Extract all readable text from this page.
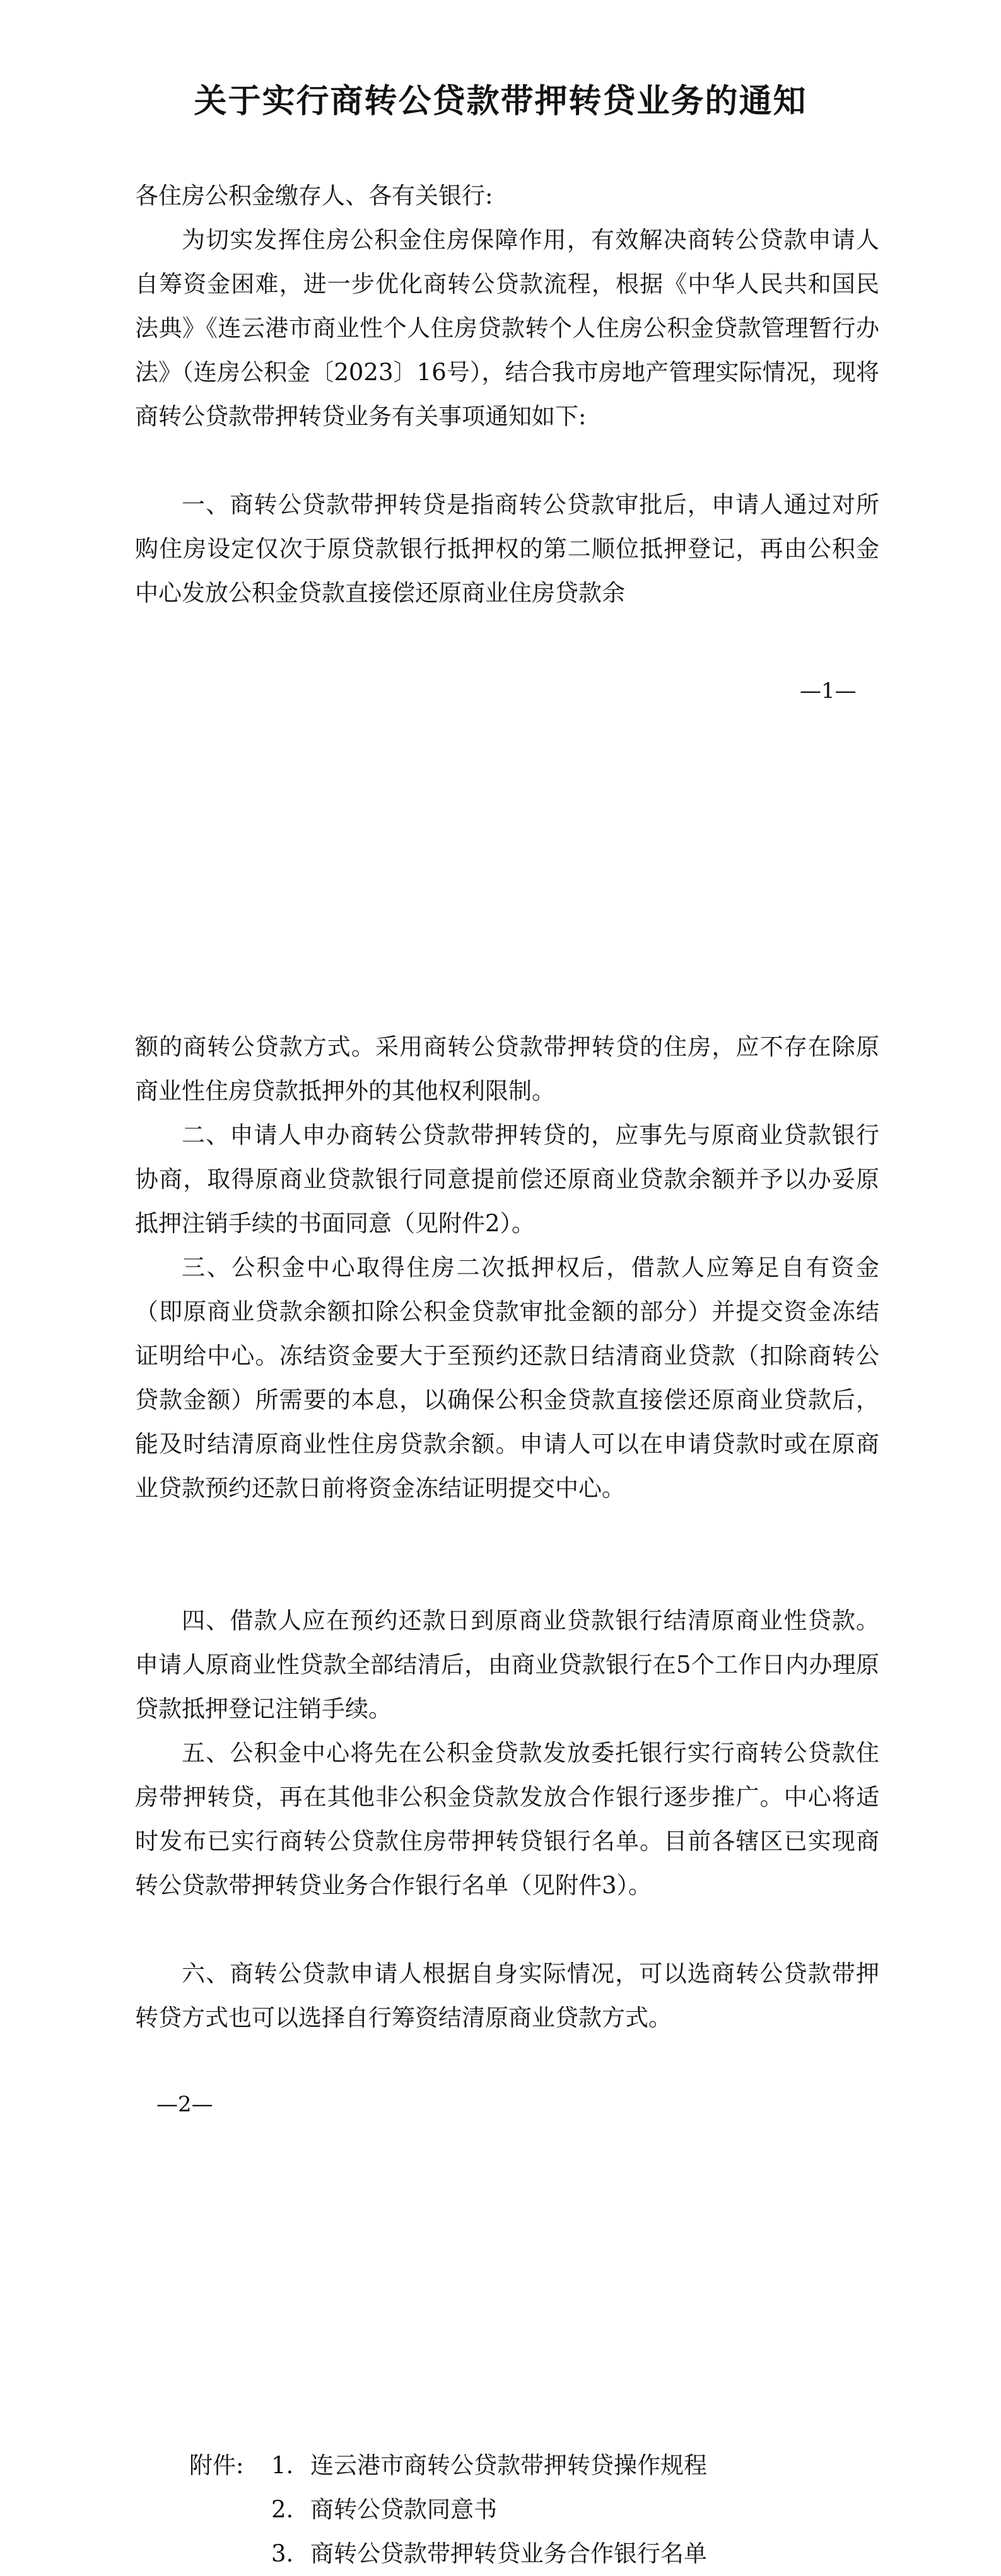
关于实行商转公贷款带押转贷业务的通知

各住房公积金缴存人、各有关银行:

为切实发挥住房公积金住房保障作用，有效解决商转公贷款申请人自筹资金困难，进一步优化商转公贷款流程，根据《中华人民共和国民法典》《连云港市商业性个人住房贷款转个人住房公积金贷款管理暂行办法》（连房公积金〔2023〕16号），结合我市房地产管理实际情况，现将商转公贷款带押转贷业务有关事项通知如下:

一、商转公贷款带押转贷是指商转公贷款审批后，申请人通过对所购住房设定仅次于原贷款银行抵押权的第二顺位抵押登记，再由公积金中心发放公积金贷款直接偿还原商业住房贷款余

—1—

额的商转公贷款方式。采用商转公贷款带押转贷的住房，应不存在除原商业性住房贷款抵押外的其他权利限制。

二、申请人申办商转公贷款带押转贷的，应事先与原商业贷款银行协商，取得原商业贷款银行同意提前偿还原商业贷款余额并予以办妥原抵押注销手续的书面同意（见附件2）。

三、公积金中心取得住房二次抵押权后，借款人应筹足自有资金（即原商业贷款余额扣除公积金贷款审批金额的部分）并提交资金冻结证明给中心。冻结资金要大于至预约还款日结清商业贷款（扣除商转公贷款金额）所需要的本息，以确保公积金贷款直接偿还原商业贷款后，能及时结清原商业性住房贷款余额。申请人可以在申请贷款时或在原商业贷款预约还款日前将资金冻结证明提交中心。

四、借款人应在预约还款日到原商业贷款银行结清原商业性贷款。申请人原商业性贷款全部结清后，由商业贷款银行在5个工作日内办理原贷款抵押登记注销手续。

五、公积金中心将先在公积金贷款发放委托银行实行商转公贷款住房带押转贷，再在其他非公积金贷款发放合作银行逐步推广。中心将适时发布已实行商转公贷款住房带押转贷银行名单。目前各辖区已实现商转公贷款带押转贷业务合作银行名单（见附件3）。

六、商转公贷款申请人根据自身实际情况，可以选商转公贷款带押转贷方式也可以选择自行筹资结清原商业贷款方式。

—2—

附件: 1. 连云港市商转公贷款带押转贷操作规程

2. 商转公贷款同意书

3. 商转公贷款带押转贷业务合作银行名单
